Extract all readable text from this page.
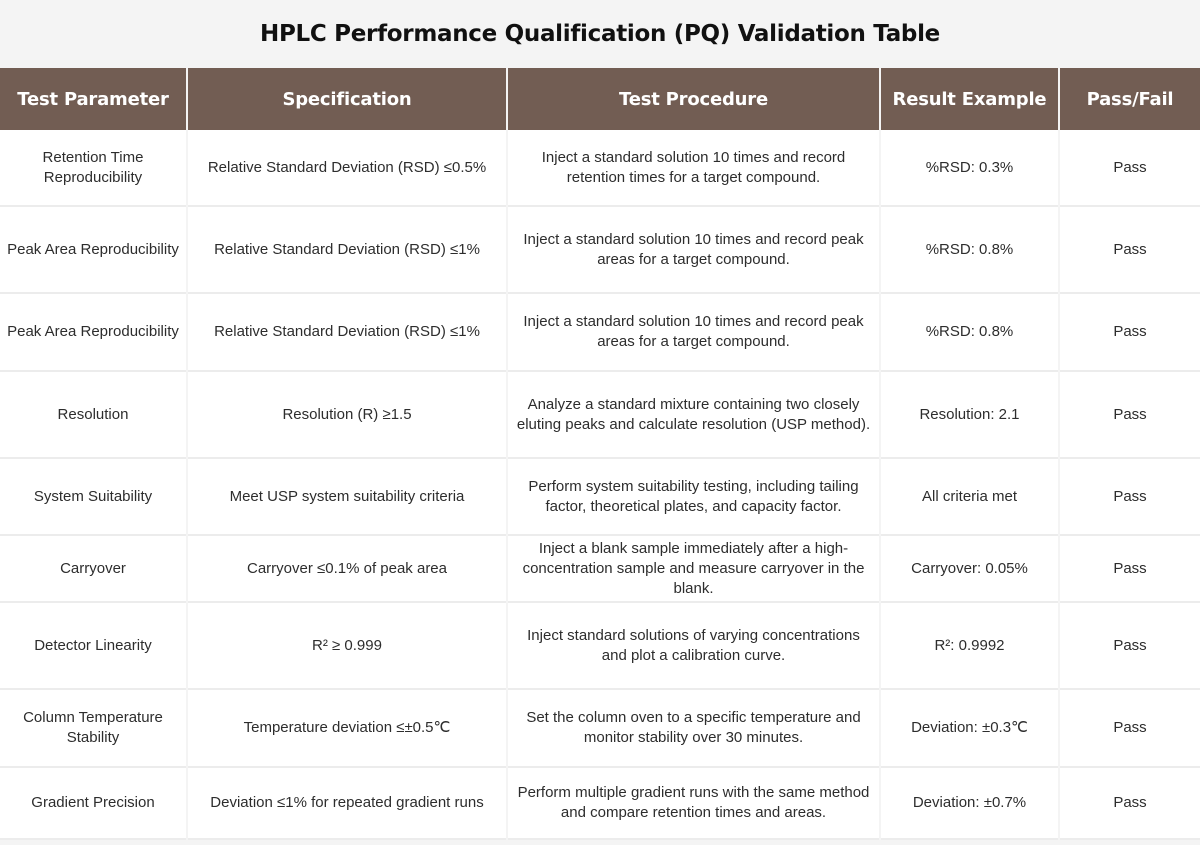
HPLC Performance Qualification (PQ) Validation Table
Test Parameter	Specification	Test Procedure	Result Example	Pass/Fail
Retention Time Reproducibility	Relative Standard Deviation (RSD) ≤0.5%	Inject a standard solution 10 times and record retention times for a target compound.	%RSD: 0.3%	Pass
Peak Area Reproducibility	Relative Standard Deviation (RSD) ≤1%	Inject a standard solution 10 times and record peak areas for a target compound.	%RSD: 0.8%	Pass
Peak Area Reproducibility	Relative Standard Deviation (RSD) ≤1%	Inject a standard solution 10 times and record peak areas for a target compound.	%RSD: 0.8%	Pass
Resolution	Resolution (R) ≥1.5	Analyze a standard mixture containing two closely eluting peaks and calculate resolution (USP method).	Resolution: 2.1	Pass
System Suitability	Meet USP system suitability criteria	Perform system suitability testing, including tailing factor, theoretical plates, and capacity factor.	All criteria met	Pass
Carryover	Carryover ≤0.1% of peak area	Inject a blank sample immediately after a high-concentration sample and measure carryover in the blank.	Carryover: 0.05%	Pass
Detector Linearity	R² ≥ 0.999	Inject standard solutions of varying concentrations and plot a calibration curve.	R²: 0.9992	Pass
Column Temperature Stability	Temperature deviation ≤±0.5℃	Set the column oven to a specific temperature and monitor stability over 30 minutes.	Deviation: ±0.3℃	Pass
Gradient Precision	Deviation ≤1% for repeated gradient runs	Perform multiple gradient runs with the same method and compare retention times and areas.	Deviation: ±0.7%	Pass
